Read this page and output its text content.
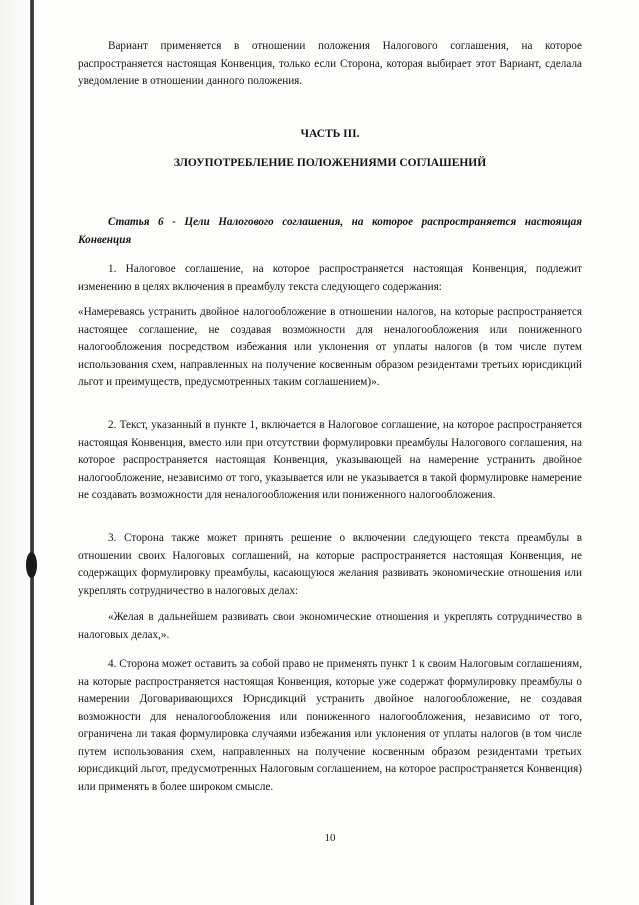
Вариант применяется в отношении положения Налогового соглашения, на которое распространяется настоящая Конвенция, только если Сторона, которая выбирает этот Вариант, сделала уведомление в отношении данного положения.

ЧАСТЬ III.

ЗЛОУПОТРЕБЛЕНИЕ ПОЛОЖЕНИЯМИ СОГЛАШЕНИЙ

Статья 6 - Цели Налогового соглашения, на которое распространяется настоящая Конвенция

1. Налоговое соглашение, на которое распространяется настоящая Конвенция, подлежит изменению в целях включения в преамбулу текста следующего содержания:

«Намереваясь устранить двойное налогообложение в отношении налогов, на которые распространяется настоящее соглашение, не создавая возможности для неналогообложения или пониженного налогообложения посредством избежания или уклонения от уплаты налогов (в том числе путем использования схем, направленных на получение косвенным образом резидентами третьих юрисдикций льгот и преимуществ, предусмотренных таким соглашением)».

2. Текст, указанный в пункте 1, включается в Налоговое соглашение, на которое распространяется настоящая Конвенция, вместо или при отсутствии формулировки преамбулы Налогового соглашения, на которое распространяется настоящая Конвенция, указывающей на намерение устранить двойное налогообложение, независимо от того, указывается или не указывается в такой формулировке намерение не создавать возможности для неналогообложения или пониженного налогообложения.

3. Сторона также может принять решение о включении следующего текста преамбулы в отношении своих Налоговых соглашений, на которые распространяется настоящая Конвенция, не содержащих формулировку преамбулы, касающуюся желания развивать экономические отношения или укреплять сотрудничество в налоговых делах:

«Желая в дальнейшем развивать свои экономические отношения и укреплять сотрудничество в налоговых делах,».

4. Сторона может оставить за собой право не применять пункт 1 к своим Налоговым соглашениям, на которые распространяется настоящая Конвенция, которые уже содержат формулировку преамбулы о намерении Договаривающихся Юрисдикций устранить двойное налогообложение, не создавая возможности для неналогообложения или пониженного налогообложения, независимо от того, ограничена ли такая формулировка случаями избежания или уклонения от уплаты налогов (в том числе путем использования схем, направленных на получение косвенным образом резидентами третьих юрисдикций льгот, предусмотренных Налоговым соглашением, на которое распространяется Конвенция) или применять в более широком смысле.

10
